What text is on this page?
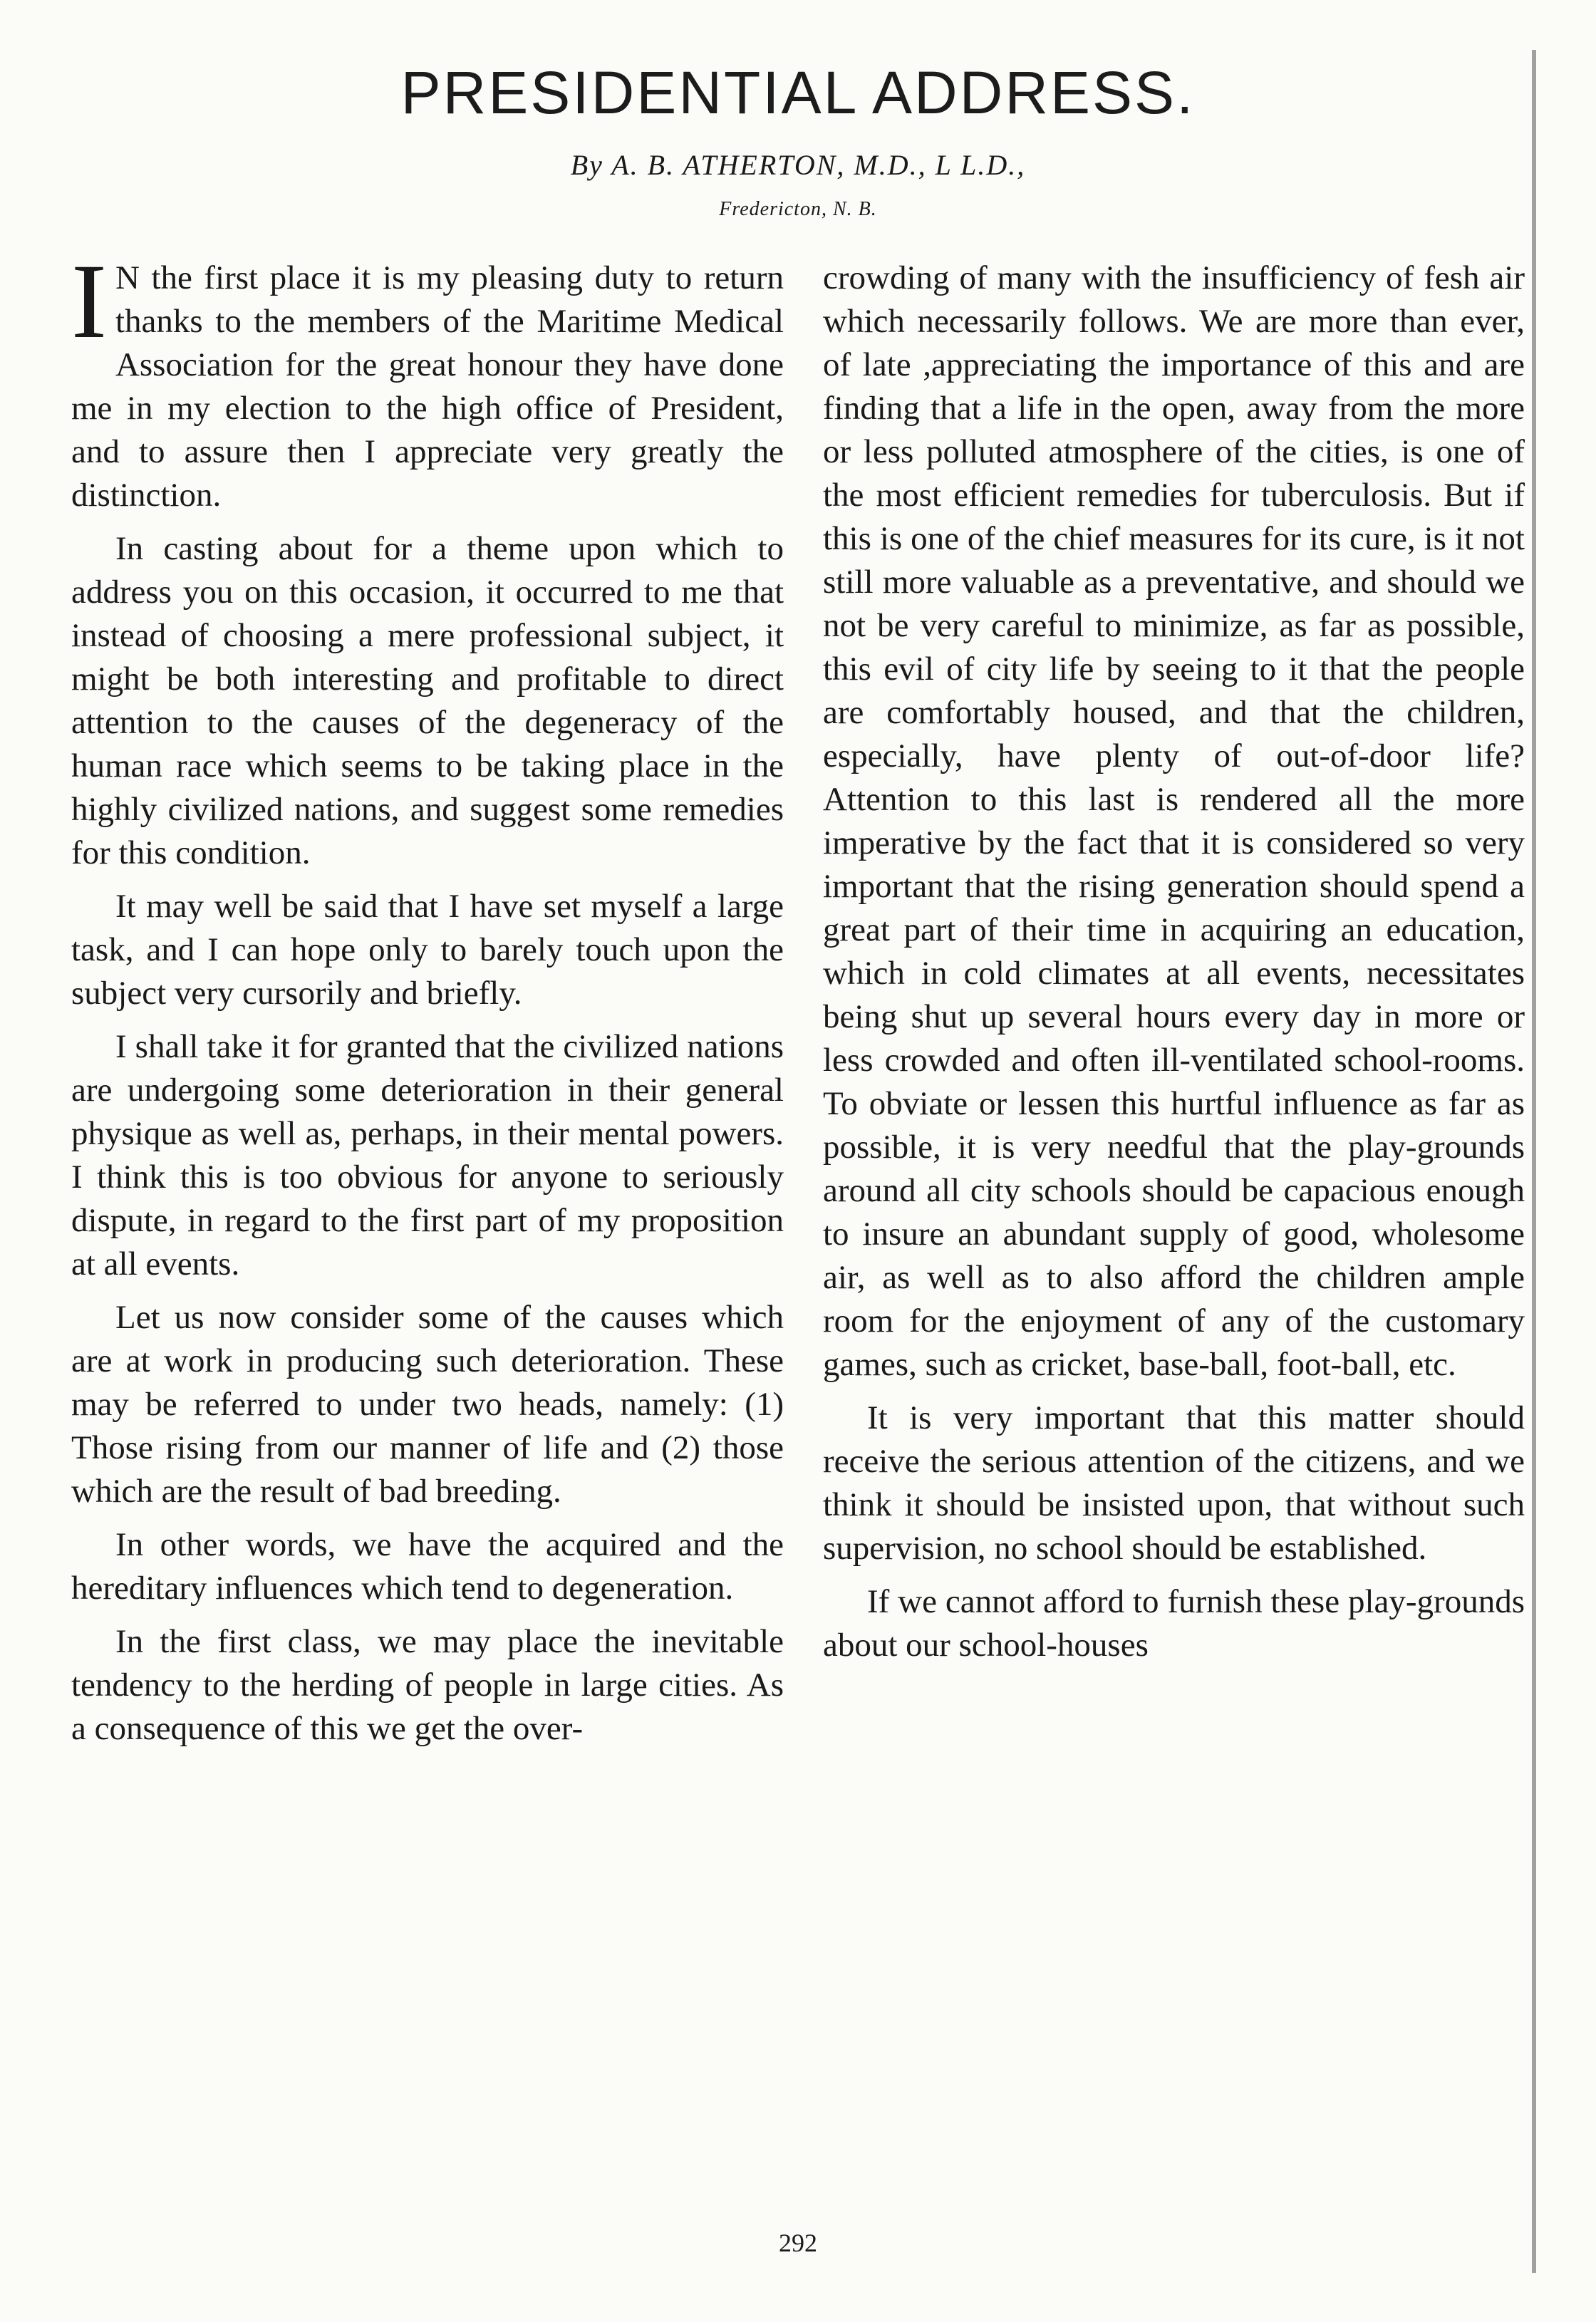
PRESIDENTIAL ADDRESS.
By A. B. ATHERTON, M.D., L L.D.,
Fredericton, N. B.

I N the first place it is my pleasing duty to return thanks to the members of the Maritime Medical Association for the great honour they have done me in my election to the high office of President, and to assure then I appreciate very greatly the distinction.

In casting about for a theme upon which to address you on this occasion, it occurred to me that instead of choosing a mere professional subject, it might be both interesting and profitable to direct attention to the causes of the degeneracy of the human race which seems to be taking place in the highly civilized nations, and suggest some remedies for this condition.

It may well be said that I have set myself a large task, and I can hope only to barely touch upon the subject very cursorily and briefly.

I shall take it for granted that the civilized nations are undergoing some deterioration in their general physique as well as, perhaps, in their mental powers. I think this is too obvious for anyone to seriously dispute, in regard to the first part of my proposition at all events.

Let us now consider some of the causes which are at work in producing such deterioration. These may be referred to under two heads, namely: (1) Those rising from our manner of life and (2) those which are the result of bad breeding.

In other words, we have the acquired and the hereditary influences which tend to degeneration.

In the first class, we may place the inevitable tendency to the herding of people in large cities. As a consequence of this we get the over-

crowding of many with the insufficiency of fesh air which necessarily follows. We are more than ever, of late ,appreciating the importance of this and are finding that a life in the open, away from the more or less polluted atmosphere of the cities, is one of the most efficient remedies for tuberculosis. But if this is one of the chief measures for its cure, is it not still more valuable as a preventative, and should we not be very careful to minimize, as far as possible, this evil of city life by seeing to it that the people are comfortably housed, and that the children, especially, have plenty of out-of-door life? Attention to this last is rendered all the more imperative by the fact that it is considered so very important that the rising generation should spend a great part of their time in acquiring an education, which in cold climates at all events, necessitates being shut up several hours every day in more or less crowded and often ill-ventilated school-rooms. To obviate or lessen this hurtful influence as far as possible, it is very needful that the play-grounds around all city schools should be capacious enough to insure an abundant supply of good, wholesome air, as well as to also afford the children ample room for the enjoyment of any of the customary games, such as cricket, base-ball, foot-ball, etc.

It is very important that this matter should receive the serious attention of the citizens, and we think it should be insisted upon, that without such supervision, no school should be established.

If we cannot afford to furnish these play-grounds about our school-houses

292
